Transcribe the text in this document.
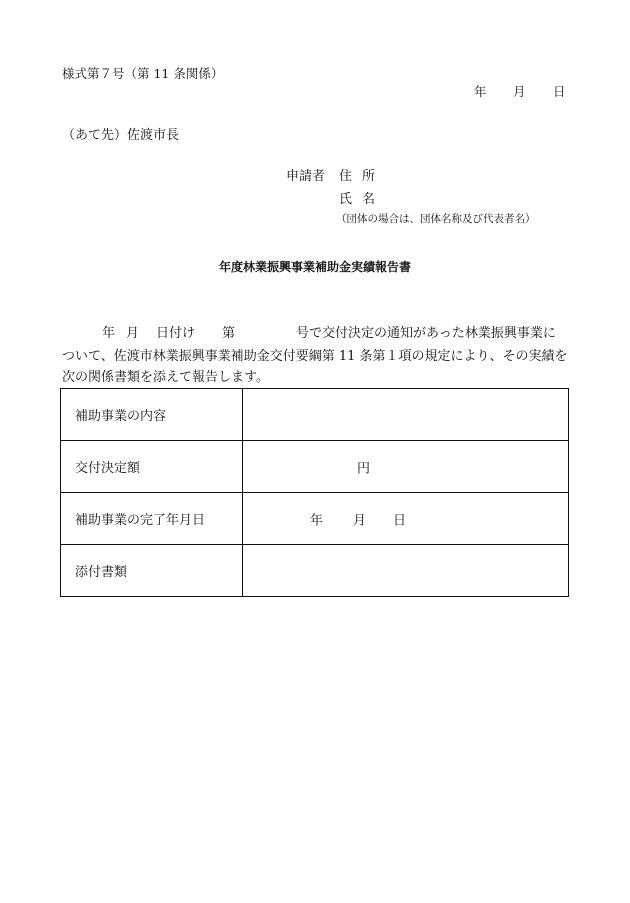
様式第７号（第 11 条関係）
年 月 日
（あて先）佐渡市長
申請者 住所
氏名
（団体の場合は、団体名称及び代表者名）
年度林業振興事業補助金実績報告書
年 月 日付け 第	号で交付決定の通知があった林業振興事業に
ついて、佐渡市林業振興事業補助金交付要綱第 11 条第１項の規定により、その実績を
次の関係書類を添えて報告します。
補助事業の内容	
交付決定額	円

補助事業の完了年月日	年 月 日

添付書類	
